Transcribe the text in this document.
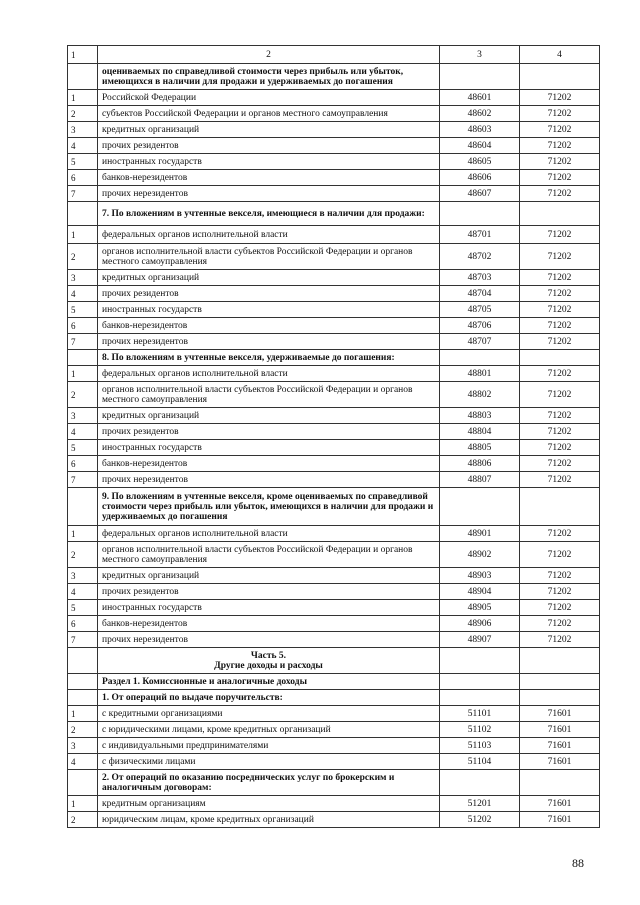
1	2	3	4
	оцениваемых по справедливой стоимости через прибыль или убыток, имеющихся в наличии для продажи и удерживаемых до погашения		
1	Российской Федерации	48601	71202
2	субъектов Российской Федерации и органов местного самоуправления	48602	71202
3	кредитных организаций	48603	71202
4	прочих резидентов	48604	71202
5	иностранных государств	48605	71202
6	банков-нерезидентов	48606	71202
7	прочих нерезидентов	48607	71202
	7. По вложениям в учтенные векселя, имеющиеся в наличии для продажи:		
1	федеральных органов исполнительной власти	48701	71202
2	органов исполнительной власти субъектов Российской Федерации и органов местного самоуправления	48702	71202
3	кредитных организаций	48703	71202
4	прочих резидентов	48704	71202
5	иностранных государств	48705	71202
6	банков-нерезидентов	48706	71202
7	прочих нерезидентов	48707	71202
	8. По вложениям в учтенные векселя, удерживаемые до погашения:		
1	федеральных органов исполнительной власти	48801	71202
2	органов исполнительной власти субъектов Российской Федерации и органов местного самоуправления	48802	71202
3	кредитных организаций	48803	71202
4	прочих резидентов	48804	71202
5	иностранных государств	48805	71202
6	банков-нерезидентов	48806	71202
7	прочих нерезидентов	48807	71202
	9. По вложениям в учтенные векселя, кроме оцениваемых по справедливой стоимости через прибыль или убыток, имеющихся в наличии для продажи и удерживаемых до погашения		
1	федеральных органов исполнительной власти	48901	71202
2	органов исполнительной власти субъектов Российской Федерации и органов местного самоуправления	48902	71202
3	кредитных организаций	48903	71202
4	прочих резидентов	48904	71202
5	иностранных государств	48905	71202
6	банков-нерезидентов	48906	71202
7	прочих нерезидентов	48907	71202

	Часть 5.
Другие доходы и расходы		

	Раздел 1. Комиссионные и аналогичные доходы		
	1. От операций по выдаче поручительств:		
1	с кредитными организациями	51101	71601
2	с юридическими лицами, кроме кредитных организаций	51102	71601
3	с индивидуальными предпринимателями	51103	71601
4	с физическими лицами	51104	71601
	2. От операций по оказанию посреднических услуг по брокерским и аналогичным договорам:		
1	кредитным организациям	51201	71601
2	юридическим лицам, кроме кредитных организаций	51202	71601
88
